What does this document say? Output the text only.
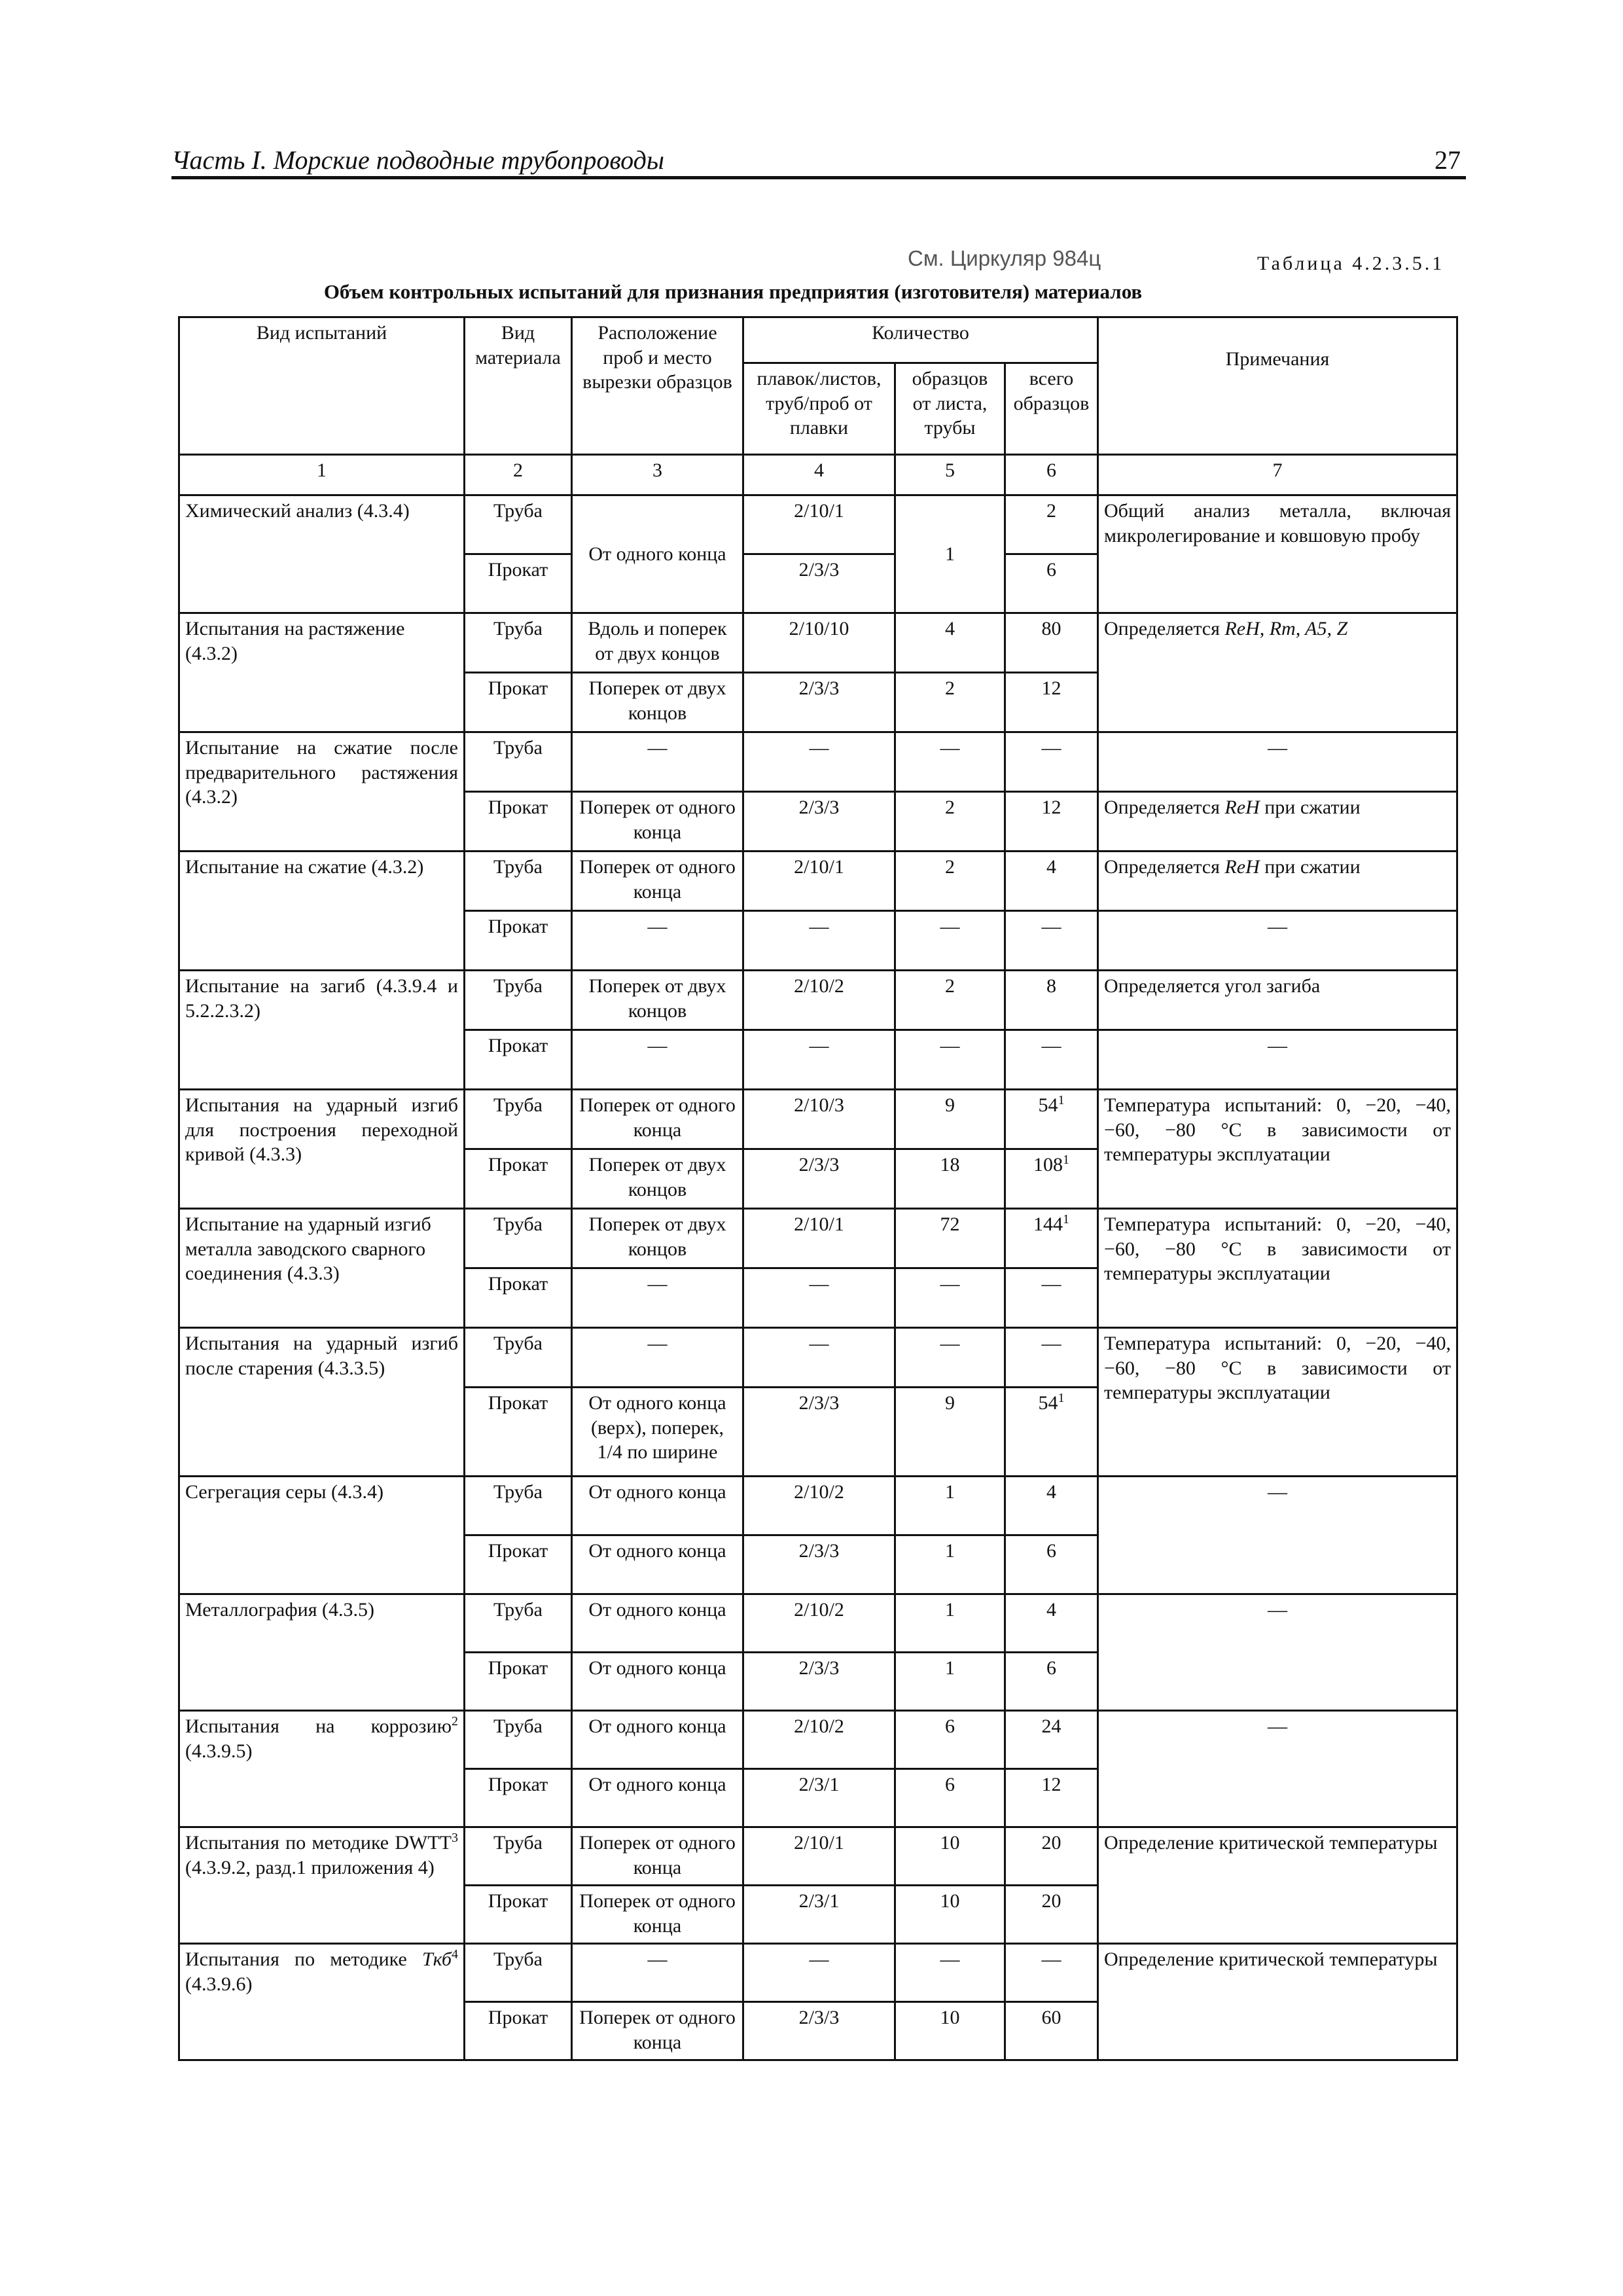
Часть I. Морские подводные трубопроводы	27
См. Циркуляр 984ц	Таблица 4.2.3.5.1
Объем контрольных испытаний для признания предприятия (изготовителя) материалов
Вид испытаний	Вид материала	Расположение проб и место вырезки образцов	Количество			Примечания
			плавок/листов, труб/проб от плавки	образцов от листа, трубы	всего образцов	
1	2	3	4	5	6	7
Химический анализ (4.3.4)	Труба	От одного конца	2/10/1	1	2	Общий анализ металла, включая микролегирование и ковшовую пробу
	Прокат		2/3/3		6	
Испытания на растяжение (4.3.2)	Труба	Вдоль и поперек от двух концов	2/10/10	4	80	Определяется ReH, Rm, A5, Z
	Прокат	Поперек от двух концов	2/3/3	2	12	
Испытание на сжатие после предварительного растяжения (4.3.2)	Труба	—	—	—	—	—
	Прокат	Поперек от одного конца	2/3/3	2	12	Определяется ReH при сжатии
Испытание на сжатие (4.3.2)	Труба	Поперек от одного конца	2/10/1	2	4	Определяется ReH при сжатии
	Прокат	—	—	—	—	—
Испытание на загиб (4.3.9.4 и 5.2.2.3.2)	Труба	Поперек от двух концов	2/10/2	2	8	Определяется угол загиба
	Прокат	—	—	—	—	—
Испытания на ударный изгиб для построения переходной кривой (4.3.3)	Труба	Поперек от одного конца	2/10/3	9	$54^1$	Температура испытаний: 0, −20, −40, −60, −80 °С в зависимости от температуры эксплуатации
	Прокат	Поперек от двух концов	2/3/3	18	$108^1$
Испытание на ударный изгиб металла заводского сварного соединения (4.3.3)	Труба	Поперек от двух концов	2/10/1	72	$144^1$	Температура испытаний: 0, −20, −40, −60, −80 °С в зависимости от температуры эксплуатации
	Прокат	—	—	—	—	
Испытания на ударный изгиб после старения (4.3.3.5)	Труба	—	—	—	—	Температура испытаний: 0, −20, −40, −60, −80 °С в зависимости от температуры эксплуатации
	Прокат	От одного конца (верх), поперек, 1/4 по ширине	2/3/3	9	$54^1$
Сегрегация серы (4.3.4)	Труба	От одного конца	2/10/2	1	4	—
	Прокат	От одного конца	2/3/3	1	6	
Металлография (4.3.5)	Труба	От одного конца	2/10/2	1	4	—
	Прокат	От одного конца	2/3/3	1	6	
Испытания на коррозию$^2$ (4.3.9.5)	Труба	От одного конца	2/10/2	6	24	—
	Прокат	От одного конца	2/3/1	6	12	
Испытания по методике DWTT$^3$ (4.3.9.2, разд.1 приложения 4)	Труба	Поперек от одного конца	2/10/1	10	20	Определение критической температуры
	Прокат	Поперек от одного конца	2/3/1	10	20	
Испытания по методике Tкб$^4$ (4.3.9.6)	Труба	—	—	—	—	Определение критической температуры
	Прокат	Поперек от одного конца	2/3/3	10	60	
